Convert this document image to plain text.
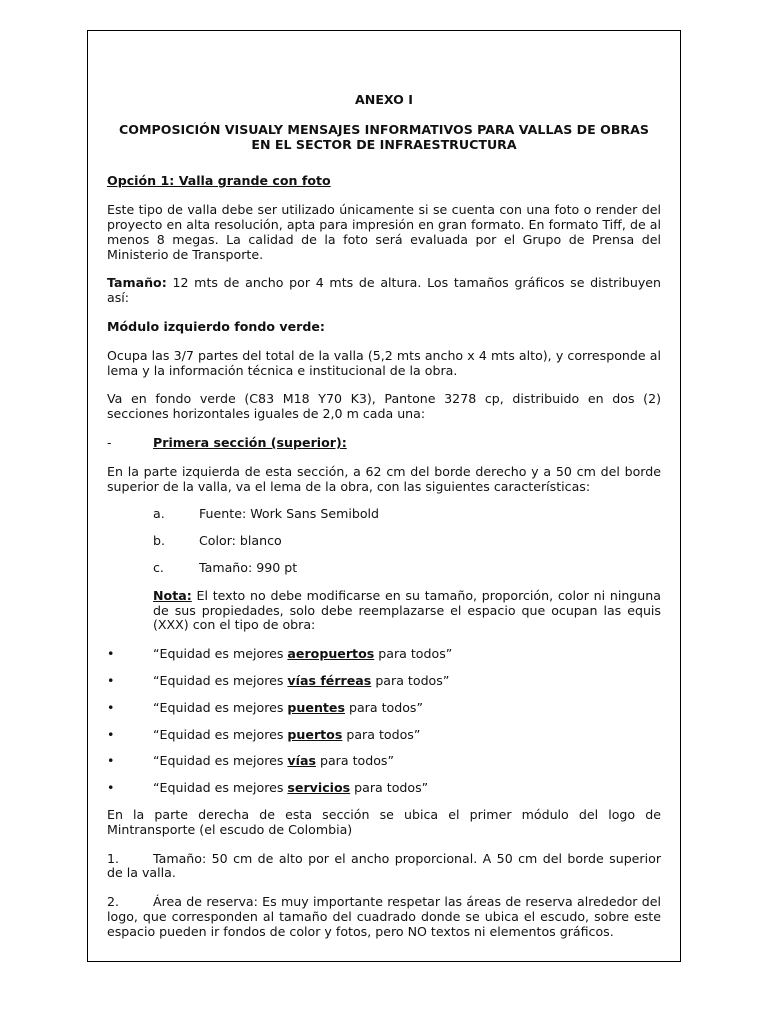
ANEXO I

COMPOSICIÓN VISUALY MENSAJES INFORMATIVOS PARA VALLAS DE OBRAS EN EL SECTOR DE INFRAESTRUCTURA

Opción 1: Valla grande con foto

Este tipo de valla debe ser utilizado únicamente si se cuenta con una foto o render del proyecto en alta resolución, apta para impresión en gran formato. En formato Tiff, de al menos 8 megas. La calidad de la foto será evaluada por el Grupo de Prensa del Ministerio de Transporte.

Tamaño: 12 mts de ancho por 4 mts de altura. Los tamaños gráficos se distribuyen así:

Módulo izquierdo fondo verde:

Ocupa las 3/7 partes del total de la valla (5,2 mts ancho x 4 mts alto), y corresponde al lema y la información técnica e institucional de la obra.

Va en fondo verde (C83 M18 Y70 K3), Pantone 3278 cp, distribuido en dos (2) secciones horizontales iguales de 2,0 m cada una:

-	Primera sección (superior):

En la parte izquierda de esta sección, a 62 cm del borde derecho y a 50 cm del borde superior de la valla, va el lema de la obra, con las siguientes características:

a.	Fuente: Work Sans Semibold
b.	Color: blanco
c.	Tamaño: 990 pt

Nota: El texto no debe modificarse en su tamaño, proporción, color ni ninguna de sus propiedades, solo debe reemplazarse el espacio que ocupan las equis (XXX) con el tipo de obra:

•	“Equidad es mejores aeropuertos para todos”
•	“Equidad es mejores vías férreas para todos”
•	“Equidad es mejores puentes para todos”
•	“Equidad es mejores puertos para todos”
•	“Equidad es mejores vías para todos”
•	“Equidad es mejores servicios para todos”

En la parte derecha de esta sección se ubica el primer módulo del logo de Mintransporte (el escudo de Colombia)

1.	Tamaño: 50 cm de alto por el ancho proporcional. A 50 cm del borde superior de la valla.
2.	Área de reserva: Es muy importante respetar las áreas de reserva alrededor del logo, que corresponden al tamaño del cuadrado donde se ubica el escudo, sobre este espacio pueden ir fondos de color y fotos, pero NO textos ni elementos gráficos.
